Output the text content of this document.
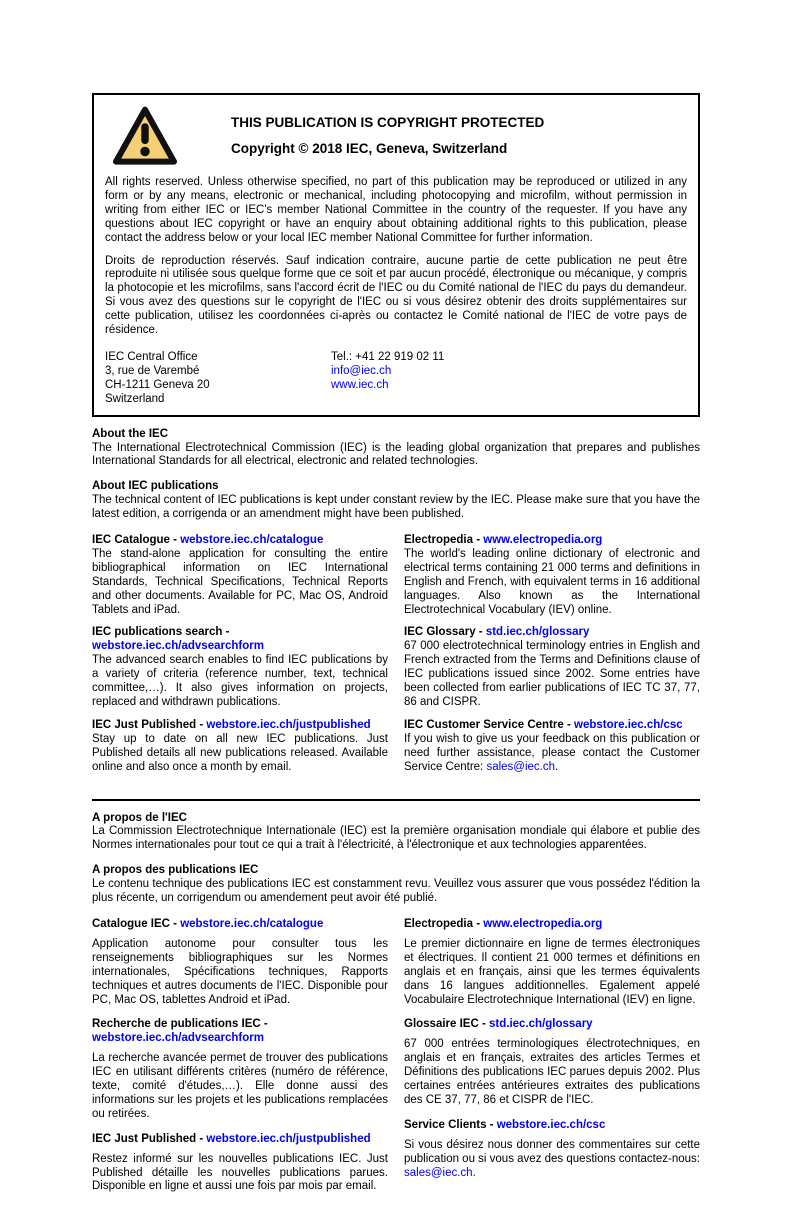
THIS PUBLICATION IS COPYRIGHT PROTECTED
Copyright © 2018 IEC, Geneva, Switzerland

All rights reserved. Unless otherwise specified, no part of this publication may be reproduced or utilized in any form or by any means, electronic or mechanical, including photocopying and microfilm, without permission in writing from either IEC or IEC's member National Committee in the country of the requester. If you have any questions about IEC copyright or have an enquiry about obtaining additional rights to this publication, please contact the address below or your local IEC member National Committee for further information.

Droits de reproduction réservés. Sauf indication contraire, aucune partie de cette publication ne peut être reproduite ni utilisée sous quelque forme que ce soit et par aucun procédé, électronique ou mécanique, y compris la photocopie et les microfilms, sans l'accord écrit de l'IEC ou du Comité national de l'IEC du pays du demandeur. Si vous avez des questions sur le copyright de l'IEC ou si vous désirez obtenir des droits supplémentaires sur cette publication, utilisez les coordonnées ci-après ou contactez le Comité national de l'IEC de votre pays de résidence.

IEC Central Office
3, rue de Varembé
CH-1211 Geneva 20
Switzerland
Tel.: +41 22 919 02 11
info@iec.ch
www.iec.ch

About the IEC

The International Electrotechnical Commission (IEC) is the leading global organization that prepares and publishes International Standards for all electrical, electronic and related technologies.

About IEC publications

The technical content of IEC publications is kept under constant review by the IEC. Please make sure that you have the latest edition, a corrigenda or an amendment might have been published.

IEC Catalogue - webstore.iec.ch/catalogue

The stand-alone application for consulting the entire bibliographical information on IEC International Standards, Technical Specifications, Technical Reports and other documents. Available for PC, Mac OS, Android Tablets and iPad.

IEC publications search - webstore.iec.ch/advsearchform

The advanced search enables to find IEC publications by a variety of criteria (reference number, text, technical committee,…). It also gives information on projects, replaced and withdrawn publications.

IEC Just Published - webstore.iec.ch/justpublished

Stay up to date on all new IEC publications. Just Published details all new publications released. Available online and also once a month by email.

Electropedia - www.electropedia.org

The world's leading online dictionary of electronic and electrical terms containing 21 000 terms and definitions in English and French, with equivalent terms in 16 additional languages. Also known as the International Electrotechnical Vocabulary (IEV) online.

IEC Glossary - std.iec.ch/glossary

67 000 electrotechnical terminology entries in English and French extracted from the Terms and Definitions clause of IEC publications issued since 2002. Some entries have been collected from earlier publications of IEC TC 37, 77, 86 and CISPR.

IEC Customer Service Centre - webstore.iec.ch/csc

If you wish to give us your feedback on this publication or need further assistance, please contact the Customer Service Centre: sales@iec.ch.

A propos de l'IEC

La Commission Electrotechnique Internationale (IEC) est la première organisation mondiale qui élabore et publie des Normes internationales pour tout ce qui a trait à l'électricité, à l'électronique et aux technologies apparentées.

A propos des publications IEC

Le contenu technique des publications IEC est constamment revu. Veuillez vous assurer que vous possédez l'édition la plus récente, un corrigendum ou amendement peut avoir été publié.

Catalogue IEC - webstore.iec.ch/catalogue

Application autonome pour consulter tous les renseignements bibliographiques sur les Normes internationales, Spécifications techniques, Rapports techniques et autres documents de l'IEC. Disponible pour PC, Mac OS, tablettes Android et iPad.

Recherche de publications IEC -
webstore.iec.ch/advsearchform

La recherche avancée permet de trouver des publications IEC en utilisant différents critères (numéro de référence, texte, comité d'études,…). Elle donne aussi des informations sur les projets et les publications remplacées ou retirées.

IEC Just Published - webstore.iec.ch/justpublished

Restez informé sur les nouvelles publications IEC. Just Published détaille les nouvelles publications parues. Disponible en ligne et aussi une fois par mois par email.

Electropedia - www.electropedia.org

Le premier dictionnaire en ligne de termes électroniques et électriques. Il contient 21 000 termes et définitions en anglais et en français, ainsi que les termes équivalents dans 16 langues additionnelles. Egalement appelé Vocabulaire Electrotechnique International (IEV) en ligne.

Glossaire IEC - std.iec.ch/glossary

67 000 entrées terminologiques électrotechniques, en anglais et en français, extraites des articles Termes et Définitions des publications IEC parues depuis 2002. Plus certaines entrées antérieures extraites des publications des CE 37, 77, 86 et CISPR de l'IEC.

Service Clients - webstore.iec.ch/csc

Si vous désirez nous donner des commentaires sur cette publication ou si vous avez des questions contactez-nous: sales@iec.ch.
